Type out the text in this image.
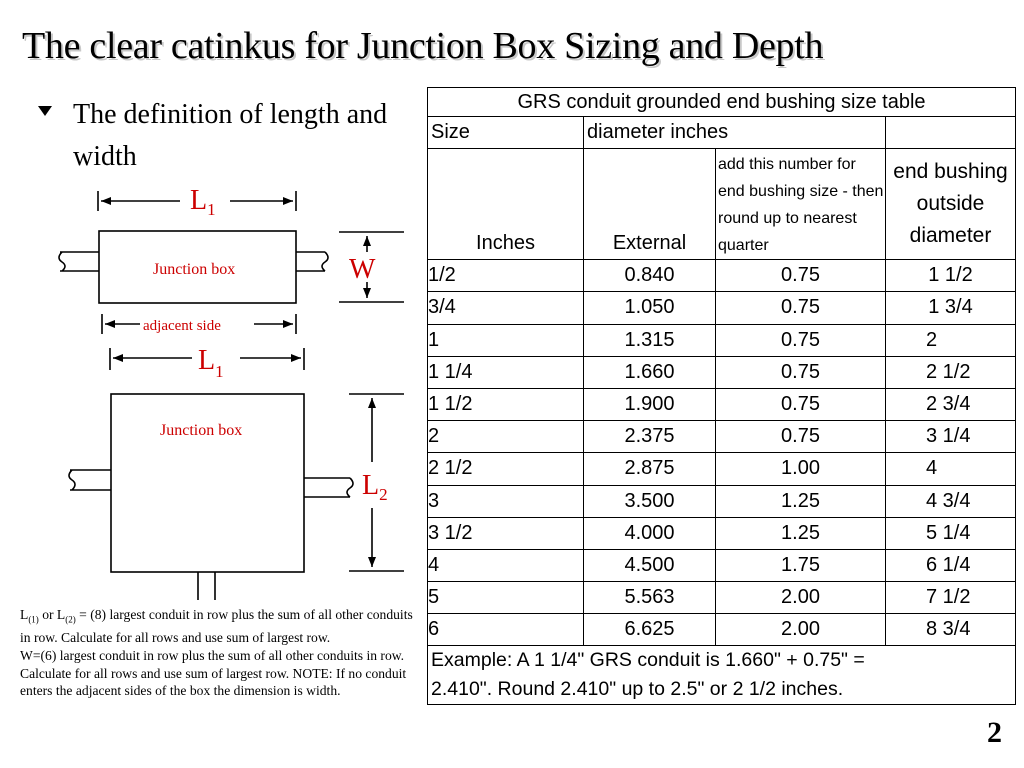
The clear catinkus for Junction Box Sizing and Depth
The definition of length and width
$L_1$
Junction box	W
adjacent side
$L_1$
Junction box
$L_2$
$L_{(1)}$ or $L_{(2)} = (8)$ largest conduit in row plus the sum of all other conduits in row. Calculate for all rows and use sum of largest row.
W=(6) largest conduit in row plus the sum of all other conduits in row. Calculate for all rows and use sum of largest row. NOTE: If no conduit enters the adjacent sides of the box the dimension is width.
GRS conduit grounded end bushing size table			
Size	diameter inches		
Inches	External	add this number for end bushing size - then round up to nearest quarter	end bushing outside diameter
1/2	0.840	0.75	1 1/2
3/4	1.050	0.75	1 3/4
1	1.315	0.75	2
1 1/4	1.660	0.75	2 1/2
1 1/2	1.900	0.75	2 3/4
2	2.375	0.75	3 1/4
2 1/2	2.875	1.00	4
3	3.500	1.25	4 3/4
3 1/2	4.000	1.25	5 1/4
4	4.500	1.75	6 1/4
5	5.563	2.00	7 1/2
6	6.625	2.00	8 3/4
Example: A 1 1/4" GRS conduit is 1.660" + 0.75" =			
2.410". Round 2.410" up to 2.5" or 2 1/2 inches.			
2
